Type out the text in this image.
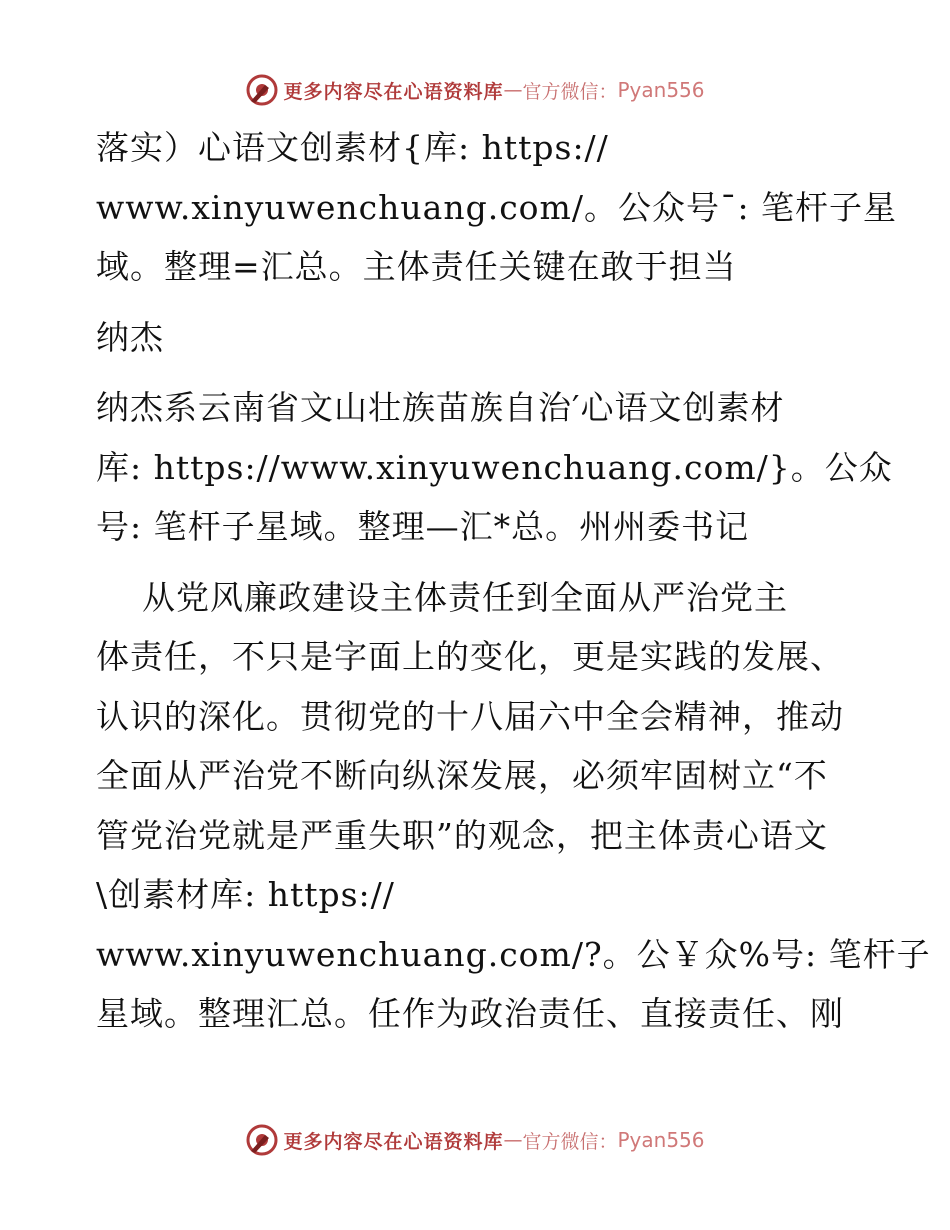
更多内容尽在心语资料库 — 官方微信： Pyan556
落实）心语文创素材{库: https://
www.xinyuwenchuang.com/。公众号¯: 笔杆子星
域。整理=汇总。主体责任关键在敢于担当
纳杰
纳杰系云南省文山壮族苗族自治′心语文创素材
库: https://www.xinyuwenchuang.com/}。公众
号: 笔杆子星域。整理—汇*总。州州委书记
从党风廉政建设主体责任到全面从严治党主
体责任，不只是字面上的变化，更是实践的发展、
认识的深化。贯彻党的十八届六中全会精神，推动
全面从严治党不断向纵深发展，必须牢固树立“不
管党治党就是严重失职”的观念，把主体责心语文
\创素材库: https://
www.xinyuwenchuang.com/?。公￥众%号: 笔杆子
星域。整理汇总。任作为政治责任、直接责任、刚
更多内容尽在心语资料库 — 官方微信： Pyan556
